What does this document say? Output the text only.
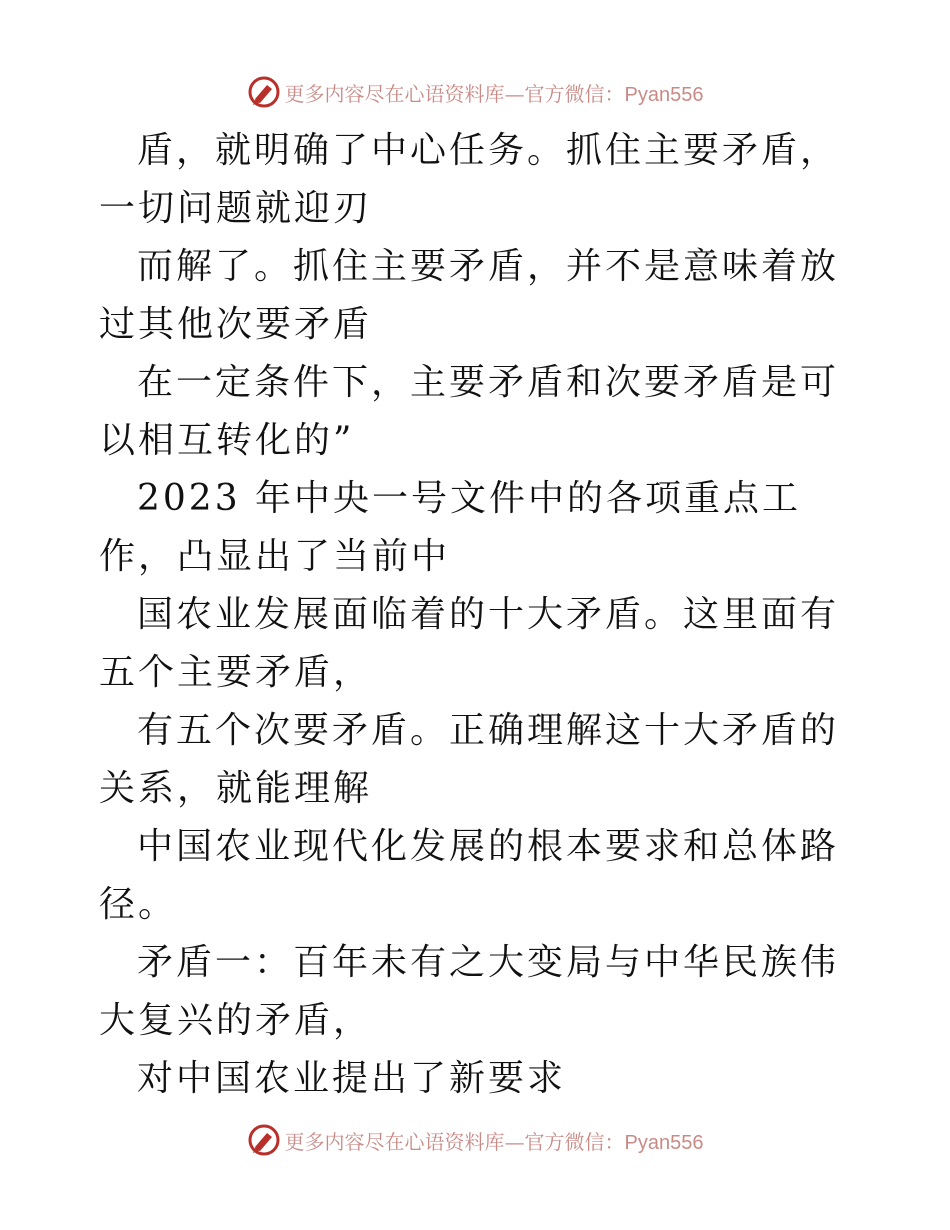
更多内容尽在心语资料库—官方微信：Pyan556

盾，就明确了中心任务。抓住主要矛盾，一切问题就迎刃

而解了。抓住主要矛盾，并不是意味着放过其他次要矛盾

在一定条件下，主要矛盾和次要矛盾是可以相互转化的”

2023 年中央一号文件中的各项重点工作，凸显出了当前中

国农业发展面临着的十大矛盾。这里面有五个主要矛盾，

有五个次要矛盾。正确理解这十大矛盾的关系，就能理解

中国农业现代化发展的根本要求和总体路径。

矛盾一：百年未有之大变局与中华民族伟大复兴的矛盾，

对中国农业提出了新要求

更多内容尽在心语资料库—官方微信：Pyan556
